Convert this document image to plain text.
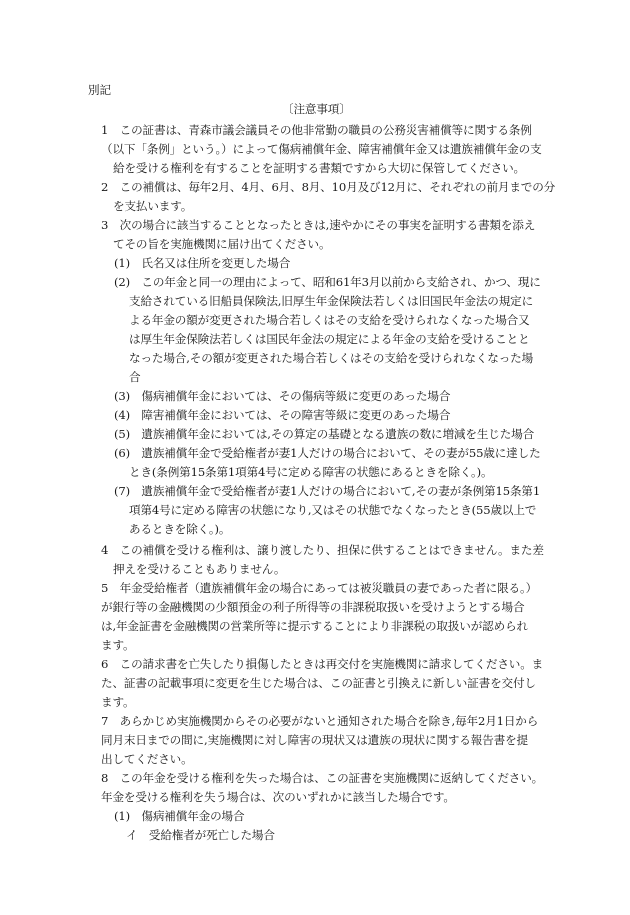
別記
〔注意事項〕
1　この証書は、青森市議会議員その他非常勤の職員の公務災害補償等に関する条例
（以下「条例」という。）によって傷病補償年金、障害補償年金又は遺族補償年金の支
給を受ける権利を有することを証明する書類ですから大切に保管してください。
2　この補償は、毎年2月、4月、6月、8月、10月及び12月に、それぞれの前月までの分
を支払います。
3　次の場合に該当することとなったときは,速やかにその事実を証明する書類を添え
てその旨を実施機関に届け出てください。
(1)　氏名又は住所を変更した場合
(2)　この年金と同一の理由によって、昭和61年3月以前から支給され、かつ、現に
支給されている旧船員保険法,旧厚生年金保険法若しくは旧国民年金法の規定に
よる年金の額が変更された場合若しくはその支給を受けられなくなった場合又
は厚生年金保険法若しくは国民年金法の規定による年金の支給を受けることと
なった場合,その額が変更された場合若しくはその支給を受けられなくなった場
合
(3)　傷病補償年金においては、その傷病等級に変更のあった場合
(4)　障害補償年金においては、その障害等級に変更のあった場合
(5)　遺族補償年金においては,その算定の基礎となる遺族の数に増減を生じた場合
(6)　遺族補償年金で受給権者が妻1人だけの場合において、その妻が55歳に達した
とき(条例第15条第1項第4号に定める障害の状態にあるときを除く。)。
(7)　遺族補償年金で受給権者が妻1人だけの場合において,その妻が条例第15条第1
項第4号に定める障害の状態になり,又はその状態でなくなったとき(55歳以上で
あるときを除く。)。
4　この補償を受ける権利は、譲り渡したり、担保に供することはできません。また差
押えを受けることもありません。
5　年金受給権者（遺族補償年金の場合にあっては被災職員の妻であった者に限る。）
が銀行等の金融機関の少額預金の利子所得等の非課税取扱いを受けようとする場合
は,年金証書を金融機関の営業所等に提示することにより非課税の取扱いが認められ
ます。
6　この請求書を亡失したり損傷したときは再交付を実施機関に請求してください。ま
た、証書の記載事項に変更を生じた場合は、この証書と引換えに新しい証書を交付し
ます。
7　あらかじめ実施機関からその必要がないと通知された場合を除き,毎年2月1日から
同月末日までの間に,実施機関に対し障害の現状又は遺族の現状に関する報告書を提
出してください。
8　この年金を受ける権利を失った場合は、この証書を実施機関に返納してください。
年金を受ける権利を失う場合は、次のいずれかに該当した場合です。
(1)　傷病補償年金の場合
イ　受給権者が死亡した場合
